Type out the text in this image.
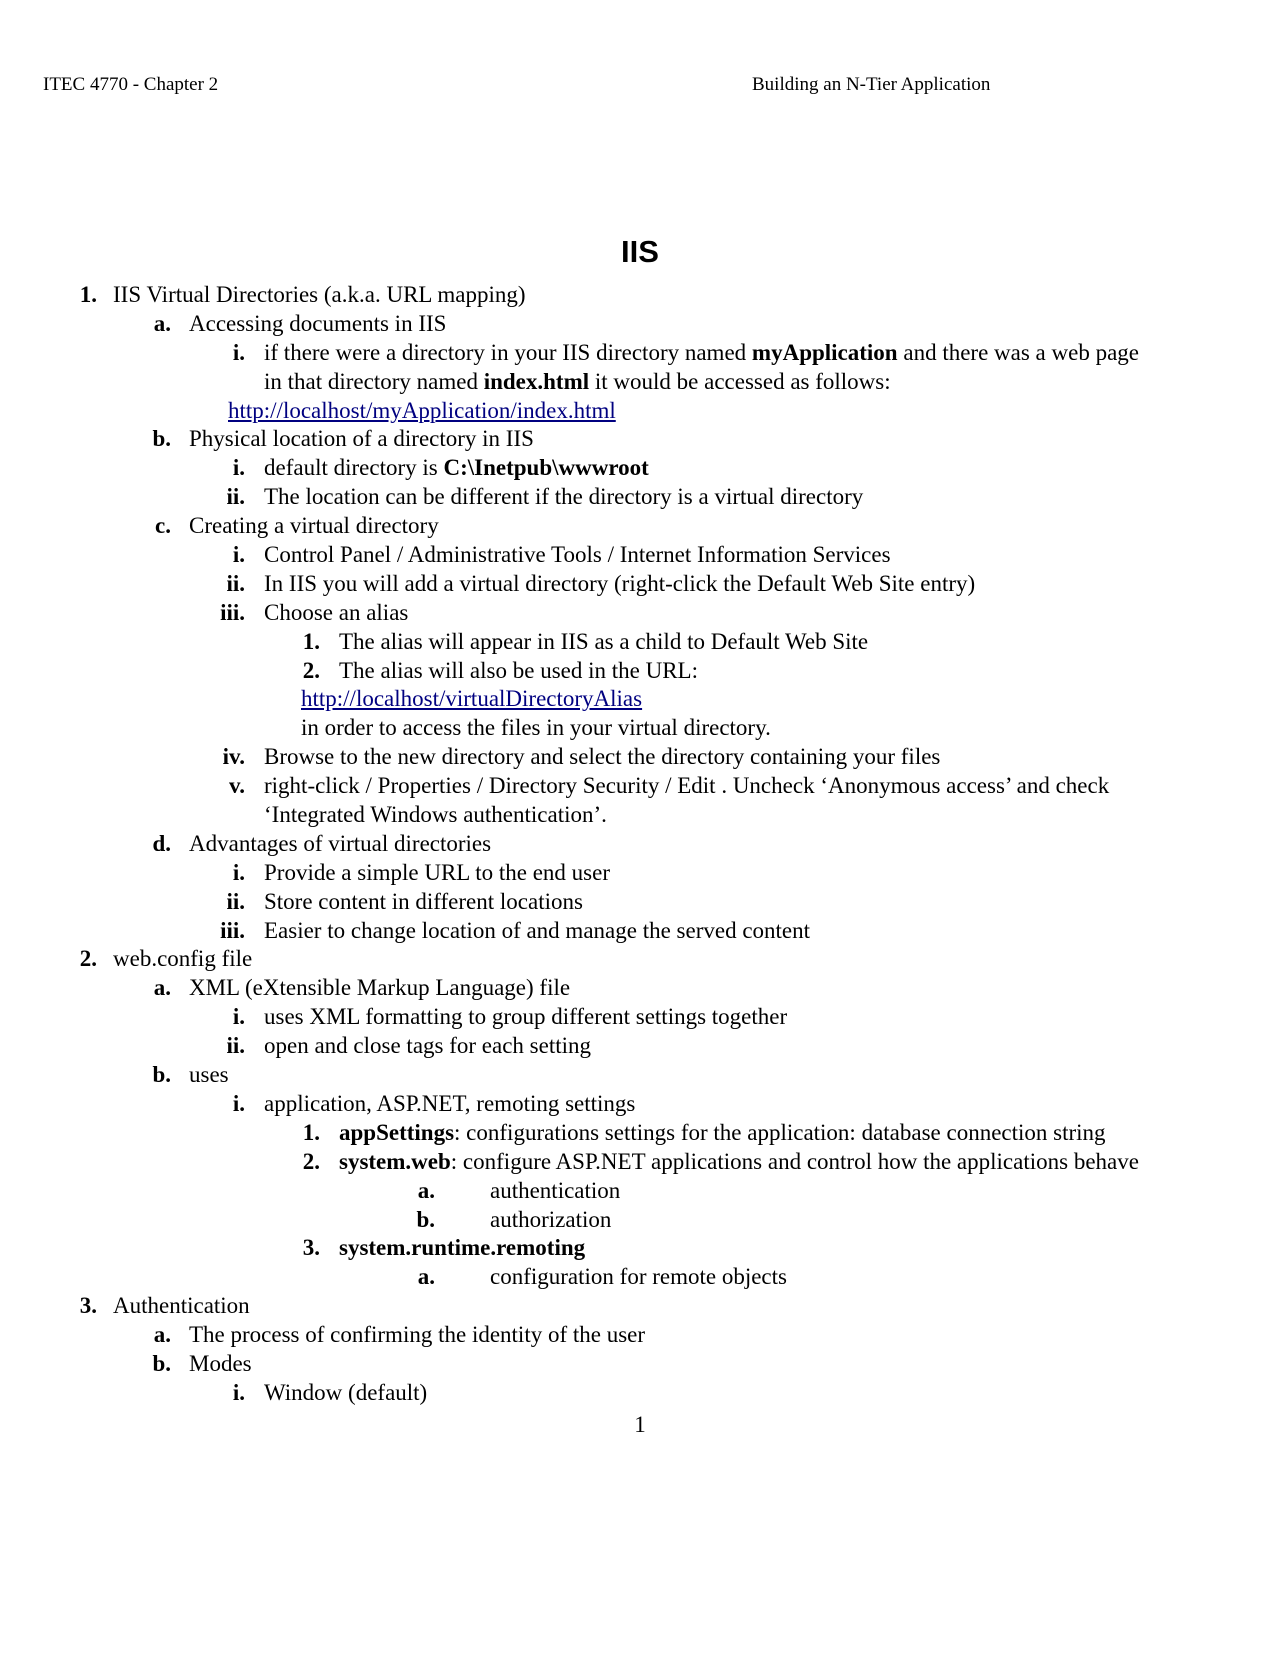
ITEC 4770 - Chapter 2	Building an N-Tier Application
IIS
1. IIS Virtual Directories (a.k.a. URL mapping)
a. Accessing documents in IIS
i. if there were a directory in your IIS directory named myApplication and there was a web page
in that directory named index.html it would be accessed as follows:
http://localhost/myApplication/index.html
b. Physical location of a directory in IIS
i. default directory is C:\Inetpub\wwwroot
ii. The location can be different if the directory is a virtual directory
c. Creating a virtual directory
i. Control Panel / Administrative Tools / Internet Information Services
ii. In IIS you will add a virtual directory (right-click the Default Web Site entry)
iii. Choose an alias
1. The alias will appear in IIS as a child to Default Web Site
2. The alias will also be used in the URL:
http://localhost/virtualDirectoryAlias
in order to access the files in your virtual directory.
iv. Browse to the new directory and select the directory containing your files
v. right-click / Properties / Directory Security / Edit . Uncheck ‘Anonymous access’ and check
‘Integrated Windows authentication’.
d. Advantages of virtual directories
i. Provide a simple URL to the end user
ii. Store content in different locations
iii. Easier to change location of and manage the served content
2. web.config file
a. XML (eXtensible Markup Language) file
i. uses XML formatting to group different settings together
ii. open and close tags for each setting
b. uses
i. application, ASP.NET, remoting settings
1. appSettings: configurations settings for the application: database connection string
2. system.web: configure ASP.NET applications and control how the applications behave
a. authentication
b. authorization
3. system.runtime.remoting
a. configuration for remote objects
3. Authentication
a. The process of confirming the identity of the user
b. Modes
i. Window (default)
1
